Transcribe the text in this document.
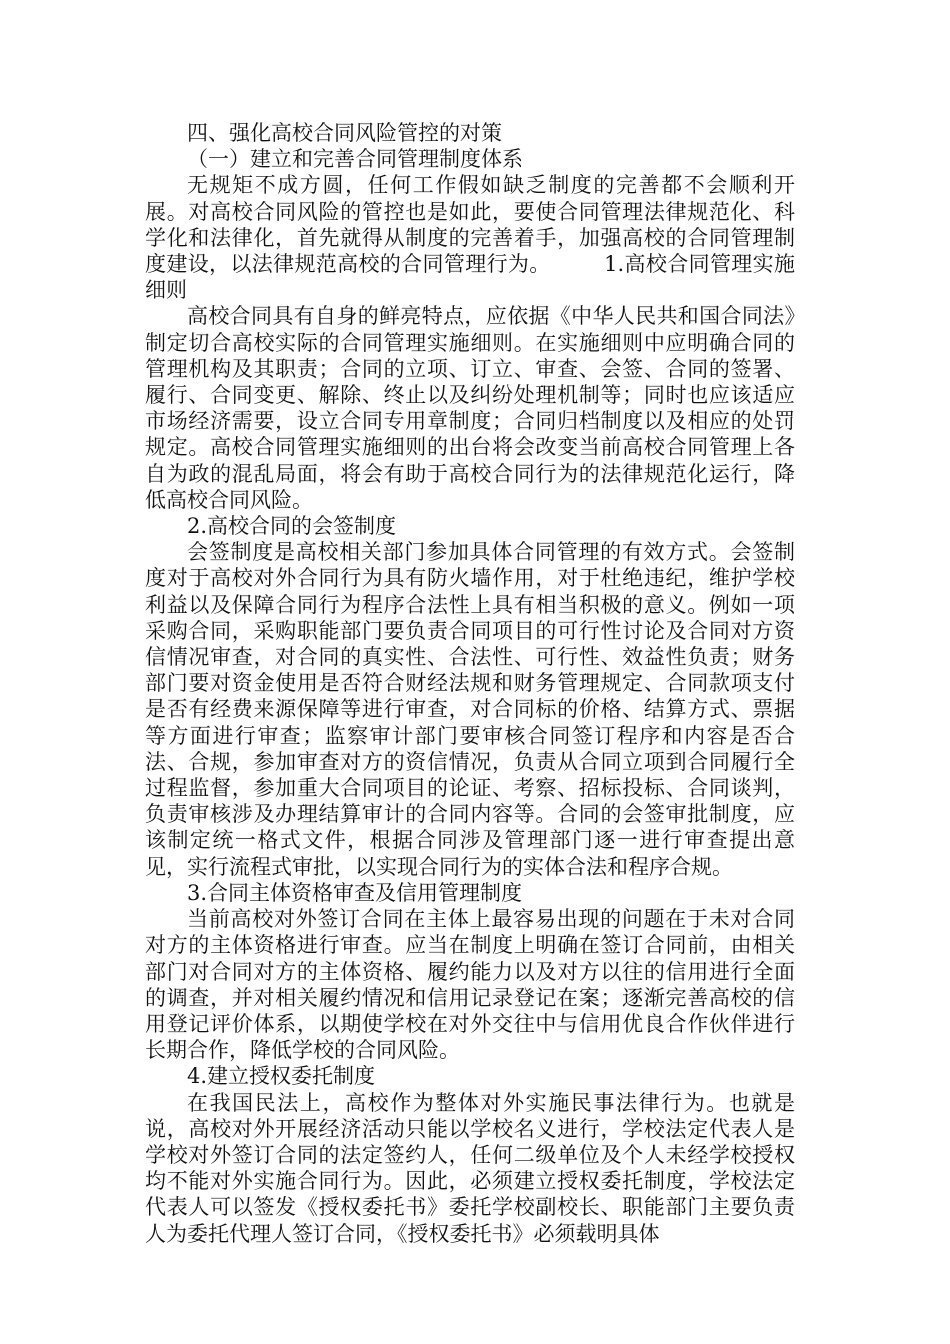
四、强化高校合同风险管控的对策

（一）建立和完善合同管理制度体系

无规矩不成方圆，任何工作假如缺乏制度的完善都不会顺利开展。对高校合同风险的管控也是如此，要使合同管理法律规范化、科学化和法律化，首先就得从制度的完善着手，加强高校的合同管理制度建设，以法律规范高校的合同管理行为。　　　1.高校合同管理实施细则

高校合同具有自身的鲜亮特点，应依据《中华人民共和国合同法》制定切合高校实际的合同管理实施细则。在实施细则中应明确合同的管理机构及其职责；合同的立项、订立、审查、会签、合同的签署、履行、合同变更、解除、终止以及纠纷处理机制等；同时也应该适应市场经济需要，设立合同专用章制度；合同归档制度以及相应的处罚规定。高校合同管理实施细则的出台将会改变当前高校合同管理上各自为政的混乱局面，将会有助于高校合同行为的法律规范化运行，降低高校合同风险。

2.高校合同的会签制度

会签制度是高校相关部门参加具体合同管理的有效方式。会签制度对于高校对外合同行为具有防火墙作用，对于杜绝违纪，维护学校利益以及保障合同行为程序合法性上具有相当积极的意义。例如一项采购合同，采购职能部门要负责合同项目的可行性讨论及合同对方资信情况审查，对合同的真实性、合法性、可行性、效益性负责；财务部门要对资金使用是否符合财经法规和财务管理规定、合同款项支付是否有经费来源保障等进行审查，对合同标的价格、结算方式、票据等方面进行审查；监察审计部门要审核合同签订程序和内容是否合法、合规，参加审查对方的资信情况，负责从合同立项到合同履行全过程监督，参加重大合同项目的论证、考察、招标投标、合同谈判，负责审核涉及办理结算审计的合同内容等。合同的会签审批制度，应该制定统一格式文件，根据合同涉及管理部门逐一进行审查提出意见，实行流程式审批，以实现合同行为的实体合法和程序合规。

3.合同主体资格审查及信用管理制度

当前高校对外签订合同在主体上最容易出现的问题在于未对合同对方的主体资格进行审查。应当在制度上明确在签订合同前，由相关部门对合同对方的主体资格、履约能力以及对方以往的信用进行全面的调查，并对相关履约情况和信用记录登记在案；逐渐完善高校的信用登记评价体系，以期使学校在对外交往中与信用优良合作伙伴进行长期合作，降低学校的合同风险。

4.建立授权委托制度

在我国民法上，高校作为整体对外实施民事法律行为。也就是说，高校对外开展经济活动只能以学校名义进行，学校法定代表人是学校对外签订合同的法定签约人，任何二级单位及个人未经学校授权均不能对外实施合同行为。因此，必须建立授权委托制度，学校法定代表人可以签发《授权委托书》委托学校副校长、职能部门主要负责人为委托代理人签订合同，《授权委托书》必须载明具体
